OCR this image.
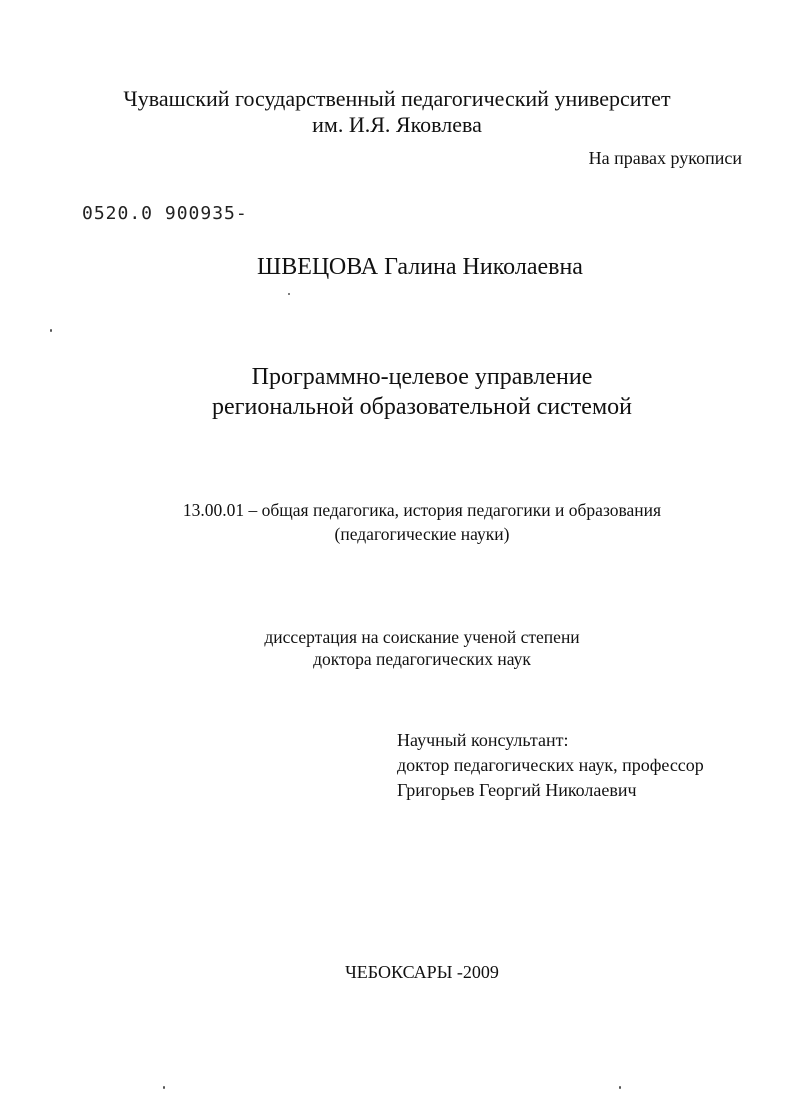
Чувашский государственный педагогический университет
им. И.Я. Яковлева
На правах рукописи
0520.0 900935-
ШВЕЦОВА Галина Николаевна
Программно-целевое управление
региональной образовательной системой
13.00.01 – общая педагогика, история педагогики и образования
(педагогические науки)
диссертация на соискание ученой степени
доктора педагогических наук
Научный консультант:
доктор педагогических наук, профессор
Григорьев Георгий Николаевич
ЧЕБОКСАРЫ -2009
